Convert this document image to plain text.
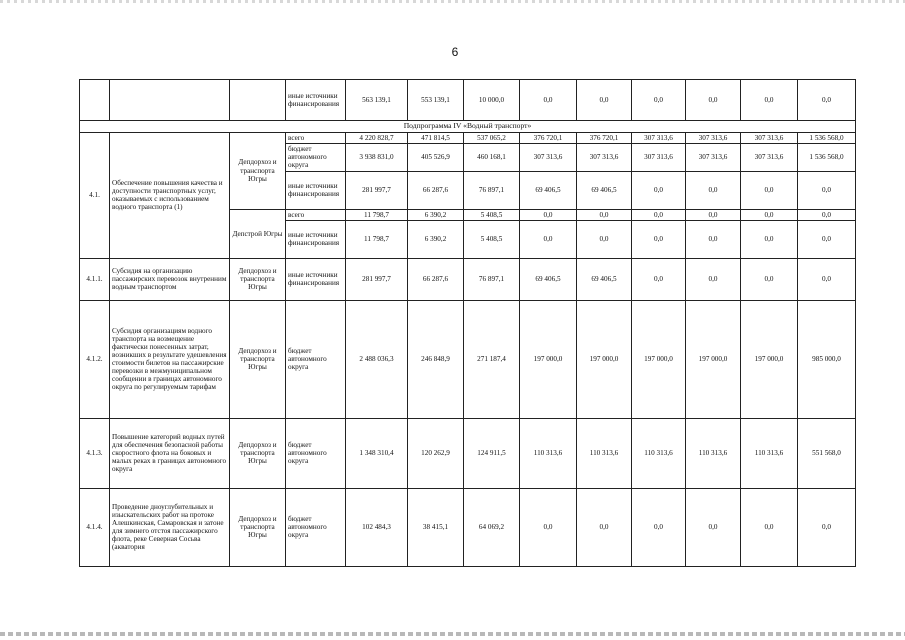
6
			иные источники финансирования	563 139,1	553 139,1	10 000,0	0,0	0,0	0,0	0,0	0,0	0,0
Подпрограмма IV «Водный транспорт»												
4.1.	Обеспечение повышения качества и доступности транспортных услуг, оказываемых с использованием водного транспорта (1)	Депдорхоз и транспорта Югры	всего	4 220 828,7	471 814,5	537 065,2	376 720,1	376 720,1	307 313,6	307 313,6	307 313,6	1 536 568,0
			бюджет автономного округа	3 938 831,0	405 526,9	460 168,1	307 313,6	307 313,6	307 313,6	307 313,6	307 313,6	1 536 568,0
			иные источники финансирования	281 997,7	66 287,6	76 897,1	69 406,5	69 406,5	0,0	0,0	0,0	0,0
		Депстрой Югры	всего	11 798,7	6 390,2	5 408,5	0,0	0,0	0,0	0,0	0,0	0,0
			иные источники финансирования	11 798,7	6 390,2	5 408,5	0,0	0,0	0,0	0,0	0,0	0,0
4.1.1.	Субсидия на организацию пассажирских перевозок внутренним водным транспортом	Депдорхоз и транспорта Югры	иные источники финансирования	281 997,7	66 287,6	76 897,1	69 406,5	69 406,5	0,0	0,0	0,0	0,0
4.1.2.	Субсидия организациям водного транспорта на возмещение фактически понесенных затрат, возникших в результате удешевления стоимости билетов на пассажирские перевозки в межмуниципальном сообщении в границах автономного округа по регулируемым тарифам	Депдорхоз и транспорта Югры	бюджет автономного округа	2 488 036,3	246 848,9	271 187,4	197 000,0	197 000,0	197 000,0	197 000,0	197 000,0	985 000,0
4.1.3.	Повышение категорий водных путей для обеспечения безопасной работы скоростного флота на боковых и малых реках в границах автономного округа	Депдорхоз и транспорта Югры	бюджет автономного округа	1 348 310,4	120 262,9	124 911,5	110 313,6	110 313,6	110 313,6	110 313,6	110 313,6	551 568,0
4.1.4.	Проведение дноуглубительных и изыскательских работ на протоке Алешкинская, Самаровская и затоне для зимнего отстоя пассажирского флота, реке Северная Сосьва (акватория	Депдорхоз и транспорта Югры	бюджет автономного округа	102 484,3	38 415,1	64 069,2	0,0	0,0	0,0	0,0	0,0	0,0
